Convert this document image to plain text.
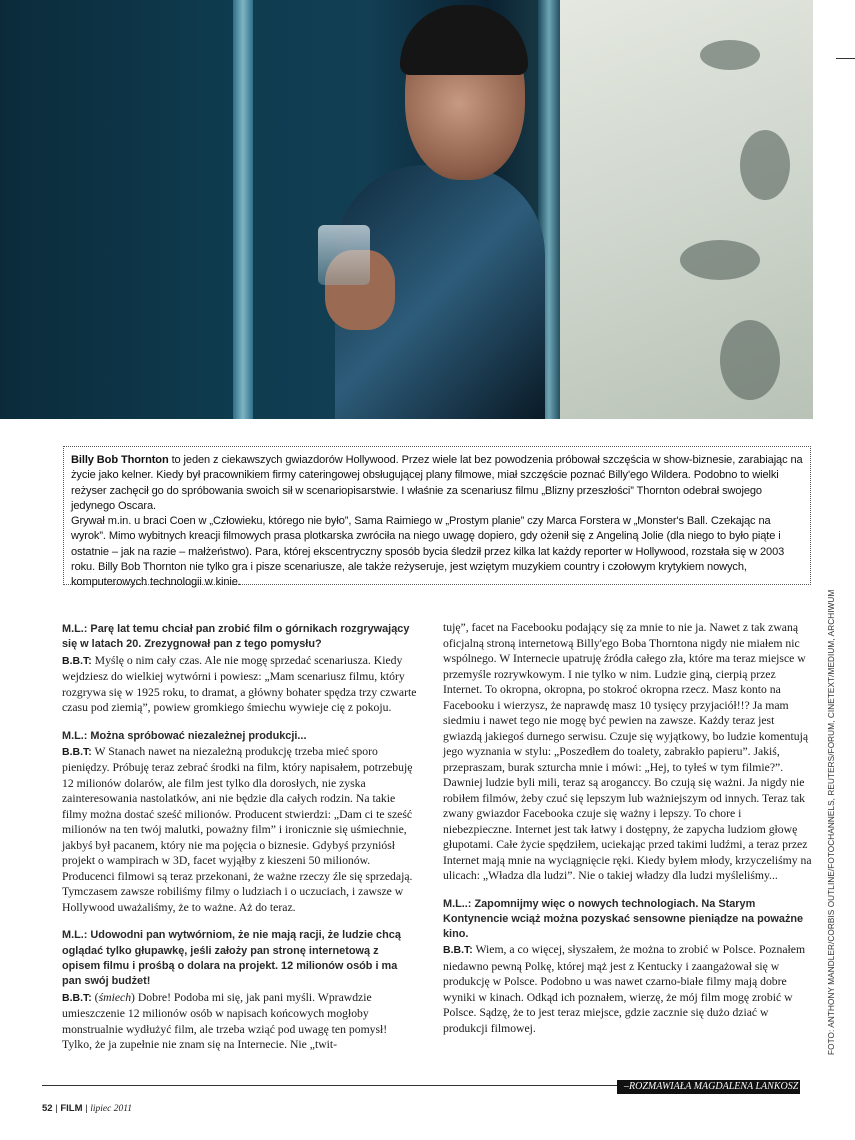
Billy Bob Thornton to jeden z ciekawszych gwiazdorów Hollywood. Przez wiele lat bez powodzenia próbował szczęścia w show-biznesie, zarabiając na życie jako kelner. Kiedy był pracownikiem firmy cateringowej obsługującej plany filmowe, miał szczęście poznać Billy'ego Wildera. Podobno to wielki reżyser zachęcił go do spróbowania swoich sił w scenariopisarstwie. I właśnie za scenariusz filmu „Blizny przeszłości” Thornton odebrał swojego jedynego Oscara.

Grywał m.in. u braci Coen w „Człowieku, którego nie było”, Sama Raimiego w „Prostym planie” czy Marca Forstera w „Monster's Ball. Czekając na wyrok”. Mimo wybitnych kreacji filmowych prasa plotkarska zwróciła na niego uwagę dopiero, gdy ożenił się z Angeliną Jolie (dla niego to było piąte i ostatnie – jak na razie – małżeństwo). Para, której ekscentryczny sposób bycia śledził przez kilka lat każdy reporter w Hollywood, rozstała się w 2003 roku. Billy Bob Thornton nie tylko gra i pisze scenariusze, ale także reżyseruje, jest wziętym muzykiem country i czołowym krytykiem nowych, komputerowych technologii w kinie.

M.L.: Parę lat temu chciał pan zrobić film o górnikach rozgrywający się w latach 20. Zrezygnował pan z tego pomysłu?

B.B.T: Myślę o nim cały czas. Ale nie mogę sprzedać scenariusza. Kiedy wejdziesz do wielkiej wytwórni i powiesz: „Mam scenariusz filmu, który rozgrywa się w 1925 roku, to dramat, a główny bohater spędza trzy czwarte czasu pod ziemią”, powiew gromkiego śmiechu wywieje cię z pokoju.

M.L.: Można spróbować niezależnej produkcji...

B.B.T: W Stanach nawet na niezależną produkcję trzeba mieć sporo pieniędzy. Próbuję teraz zebrać środki na film, który napisałem, potrzebuję 12 milionów dolarów, ale film jest tylko dla dorosłych, nie zyska zainteresowania nastolatków, ani nie będzie dla całych rodzin. Na takie filmy można dostać sześć milionów. Producent stwierdzi: „Dam ci te sześć milionów na ten twój malutki, poważny film” i ironicznie się uśmiechnie, jakbyś był pacanem, który nie ma pojęcia o biznesie. Gdybyś przyniósł projekt o wampirach w 3D, facet wyjąłby z kieszeni 50 milionów. Producenci filmowi są teraz przekonani, że ważne rzeczy źle się sprzedają. Tymczasem zawsze robiliśmy filmy o ludziach i o uczuciach, i zawsze w Hollywood uważaliśmy, że to ważne. Aż do teraz.

M.L.: Udowodni pan wytwórniom, że nie mają racji, że ludzie chcą oglądać tylko głupawkę, jeśli założy pan stronę internetową z opisem filmu i prośbą o dolara na projekt. 12 milionów osób i ma pan swój budżet!

B.B.T: (śmiech) Dobre! Podoba mi się, jak pani myśli. Wprawdzie umieszczenie 12 milionów osób w napisach końcowych mogłoby monstrualnie wydłużyć film, ale trzeba wziąć pod uwagę ten pomysł! Tylko, że ja zupełnie nie znam się na Internecie. Nie „twit-

tuję”, facet na Facebooku podający się za mnie to nie ja. Nawet z tak zwaną oficjalną stroną internetową Billy'ego Boba Thorntona nigdy nie miałem nic wspólnego. W Internecie upatruję źródła całego zła, które ma teraz miejsce w przemyśle rozrywkowym. I nie tylko w nim. Ludzie giną, cierpią przez Internet. To okropna, okropna, po stokroć okropna rzecz. Masz konto na Facebooku i wierzysz, że naprawdę masz 10 tysięcy przyjaciół!!? Ja mam siedmiu i nawet tego nie mogę być pewien na zawsze. Każdy teraz jest gwiazdą jakiegoś durnego serwisu. Czuje się wyjątkowy, bo ludzie komentują jego wyznania w stylu: „Poszedłem do toalety, zabrakło papieru”. Jakiś, przepraszam, burak szturcha mnie i mówi: „Hej, to tyłeś w tym filmie?”. Dawniej ludzie byli mili, teraz są aroganccy. Bo czują się ważni. Ja nigdy nie robiłem filmów, żeby czuć się lepszym lub ważniejszym od innych. Teraz tak zwany gwiazdor Facebooka czuje się ważny i lepszy. To chore i niebezpieczne. Internet jest tak łatwy i dostępny, że zapycha ludziom głowę głupotami. Całe życie spędziłem, uciekając przed takimi ludźmi, a teraz przez Internet mają mnie na wyciągnięcie ręki. Kiedy byłem młody, krzyczeliśmy na ulicach: „Władza dla ludzi”. Nie o takiej władzy dla ludzi myśleliśmy...

M.L..: Zapomnijmy więc o nowych technologiach. Na Starym Kontynencie wciąż można pozyskać sensowne pieniądze na poważne kino.

B.B.T: Wiem, a co więcej, słyszałem, że można to zrobić w Polsce. Poznałem niedawno pewną Polkę, której mąż jest z Kentucky i zaangażował się w produkcję w Polsce. Podobno u was nawet czarno-białe filmy mają dobre wyniki w kinach. Odkąd ich poznałem, wierzę, że mój film mogę zrobić w Polsce. Sądzę, że to jest teraz miejsce, gdzie zacznie się dużo dziać w produkcji filmowej.	FOTO: ANTHONY MANDLER/CORBIS OUTLINE/FOTOCHANNELS, REUTERS/FORUM, CINETEXT/MEDIUM, ARCHIWUM
–ROZMAWIAŁA MAGDALENA LANKOSZ
52 | FILM | lipiec 2011
